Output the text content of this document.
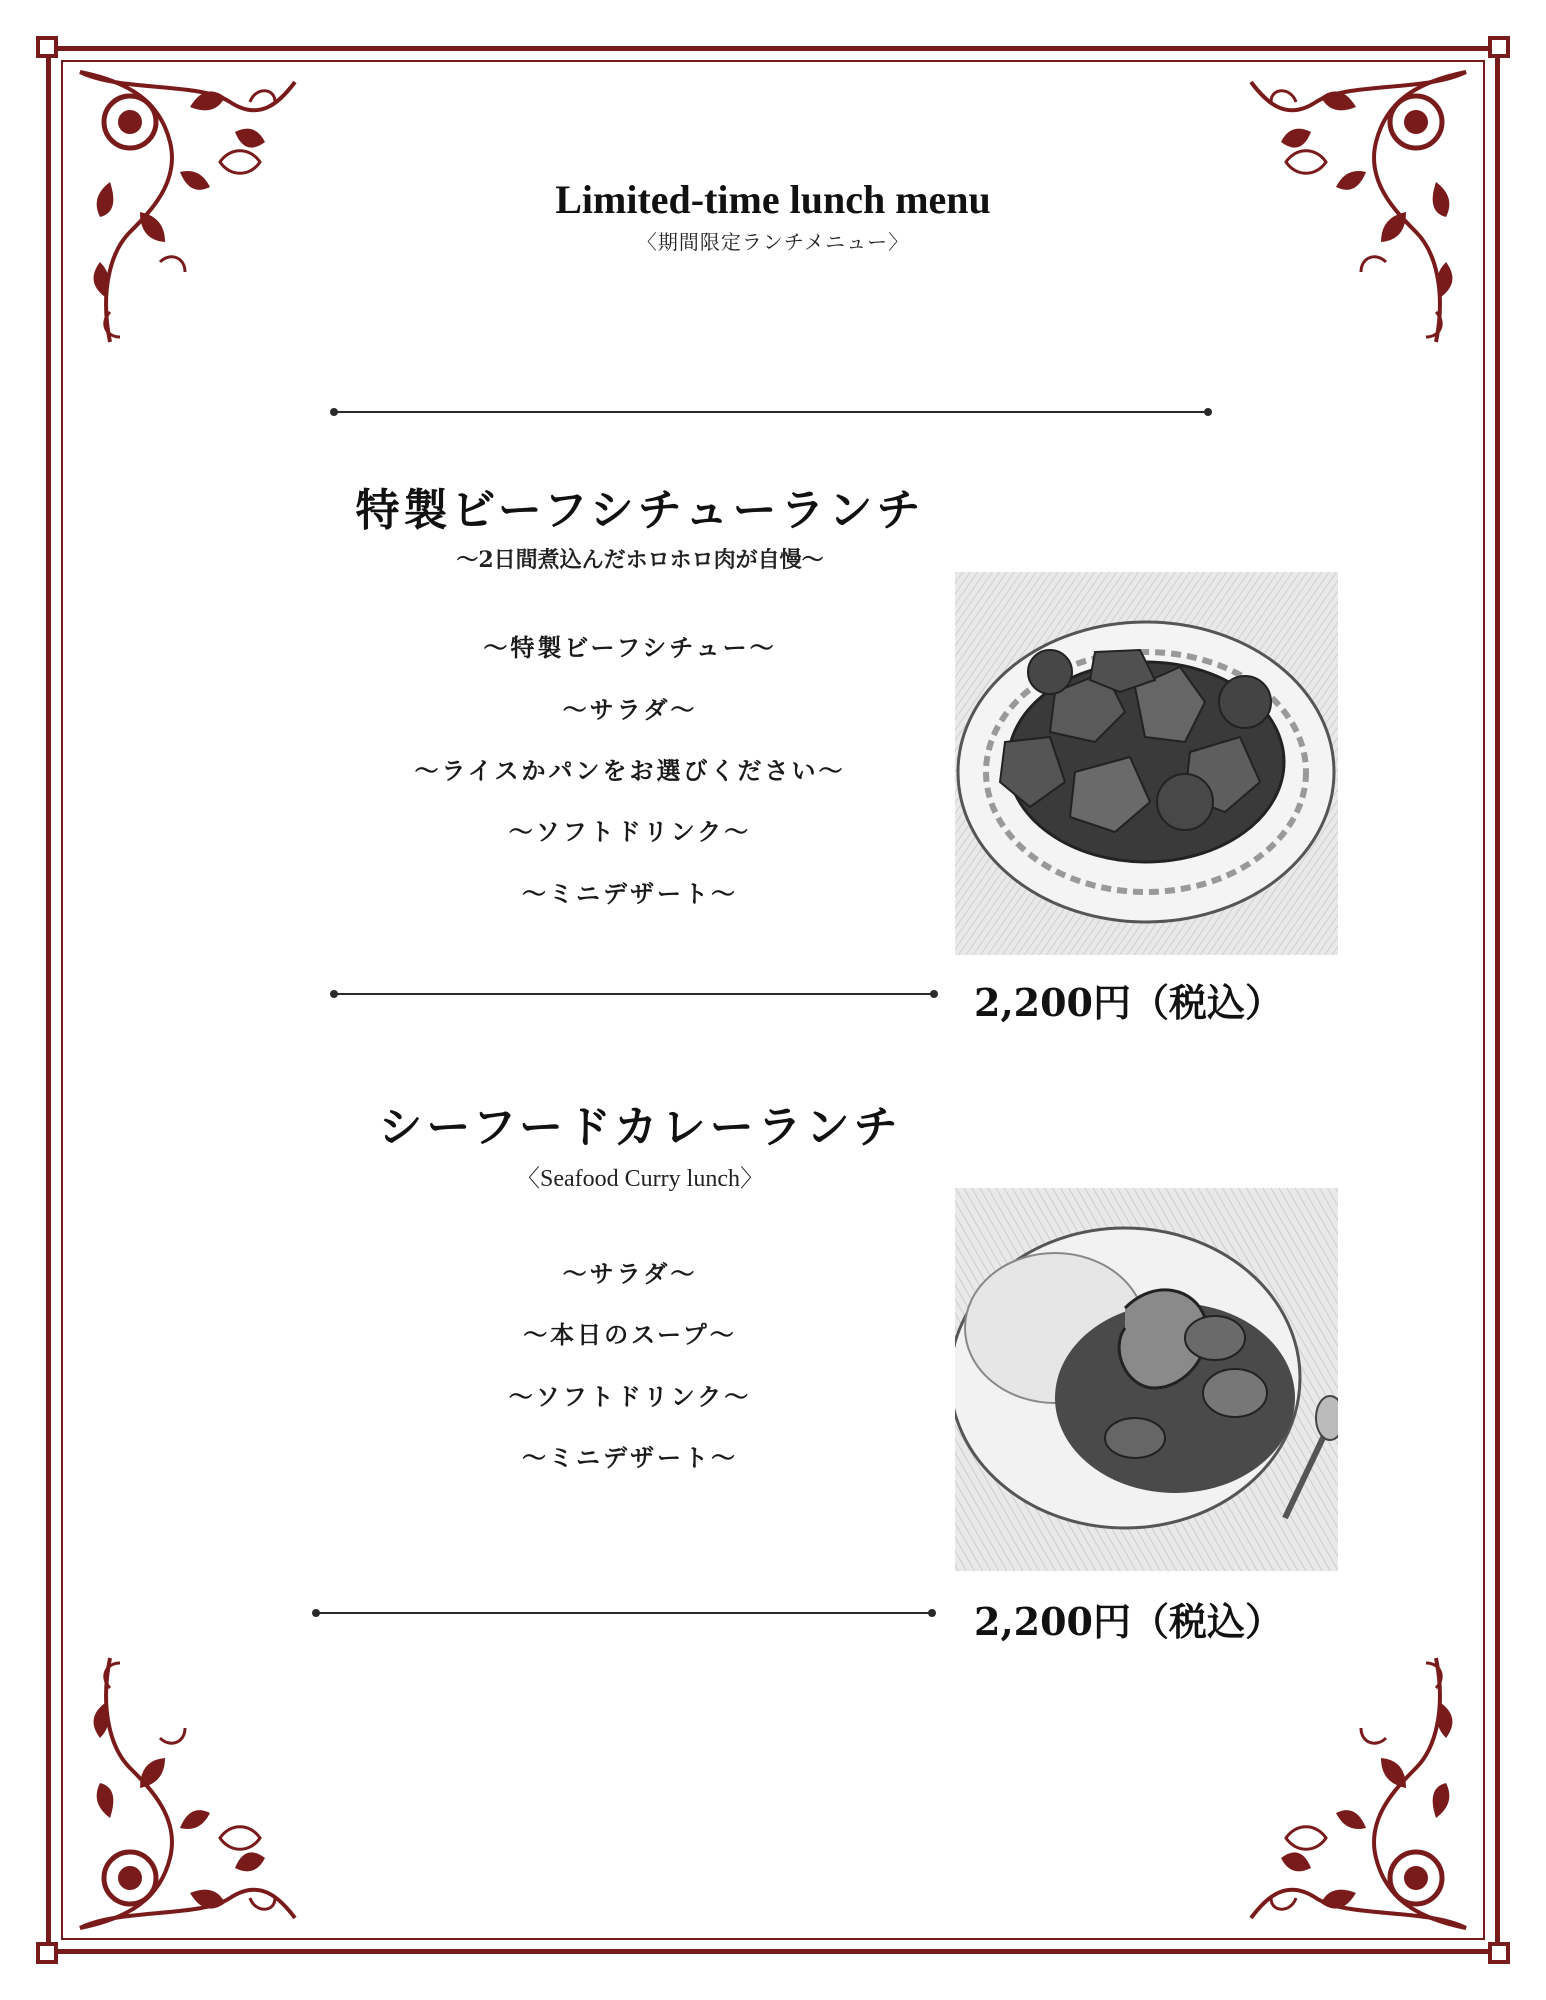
Limited-time lunch menu
〈期間限定ランチメニュー〉
特製ビーフシチューランチ
〜2日間煮込んだホロホロ肉が自慢〜
〜特製ビーフシチュー〜
〜サラダ〜
〜ライスかパンをお選びください〜
〜ソフトドリンク〜
〜ミニデザート〜
2,200円（税込）
シーフードカレーランチ
〈Seafood Curry lunch〉
〜サラダ〜
〜本日のスープ〜
〜ソフトドリンク〜
〜ミニデザート〜
2,200円（税込）
